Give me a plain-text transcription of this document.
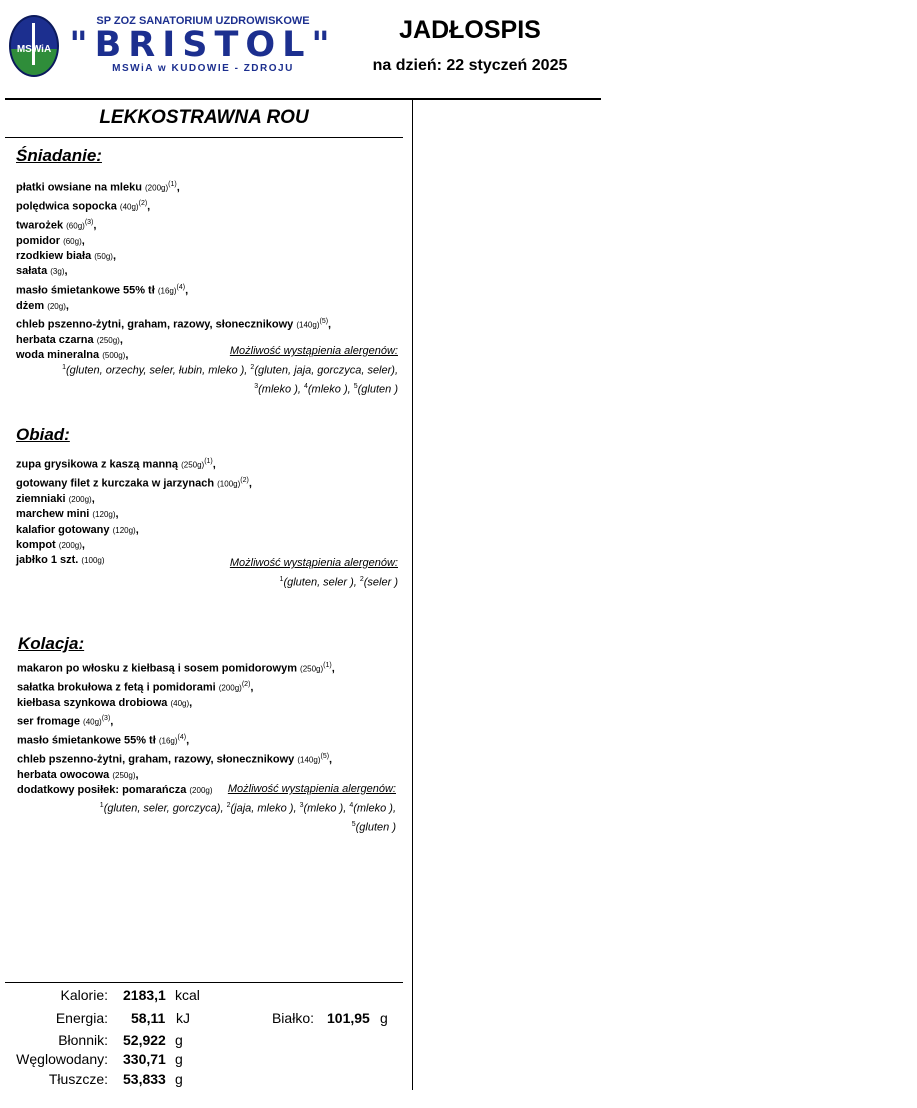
MSWiA
SP ZOZ SANATORIUM UZDROWISKOWE
"BRISTOL"
MSWiA w KUDOWIE - ZDROJU
JADŁOSPIS
na dzień: 22 styczeń 2025
LEKKOSTRAWNA ROU
Śniadanie:
płatki owsiane na mleku $(200g)^{(1)}$,
polędwica sopocka $(40g)^{(2)}$,
twarożek $(60g)^{(3)}$,
pomidor (60g),
rzodkiew biała (50g),
sałata (3g),
masło śmietankowe 55% tł $(16g)^{(4)}$,
dżem (20g),
chleb pszenno-żytni, graham, razowy, słonecznikowy $(140g)^{(5)}$,
herbata czarna (250g),
woda mineralna (500g),	Możliwość wystąpienia alergenów:
$^1$(gluten, orzechy, seler, łubin, mleko ), $^2$(gluten, jaja, gorczyca, seler),
$^3$(mleko ), $^4$(mleko ), $^5$(gluten )
Obiad:
zupa grysikowa z kaszą manną $(250g)^{(1)}$,
gotowany filet z kurczaka w jarzynach $(100g)^{(2)}$,
ziemniaki (200g),
marchew mini (120g),
kalafior gotowany (120g),
kompot (200g),
jabłko 1 szt. (100g)	Możliwość wystąpienia alergenów:
$^1$(gluten, seler ), $^2$(seler )
Kolacja:
makaron po włosku z kiełbasą i sosem pomidorowym $(250g)^{(1)}$,
sałatka brokułowa z fetą i pomidorami $(200g)^{(2)}$,
kiełbasa szynkowa drobiowa (40g),
ser fromage $(40g)^{(3)}$,
masło śmietankowe 55% tł $(16g)^{(4)}$,
chleb pszenno-żytni, graham, razowy, słonecznikowy $(140g)^{(5)}$,
herbata owocowa (250g),
dodatkowy posiłek: pomarańcza (200g)	Możliwość wystąpienia alergenów:
$^1$(gluten, seler, gorczyca), $^2$(jaja, mleko ), $^3$(mleko ), $^4$(mleko ),
$^5$(gluten )
Kalorie: 2183,1 kcal
Energia: 58,11 kJ	Białko: 101,95 g
Błonnik: 52,922 g
Węglowodany: 330,71 g
Tłuszcze: 53,833 g
